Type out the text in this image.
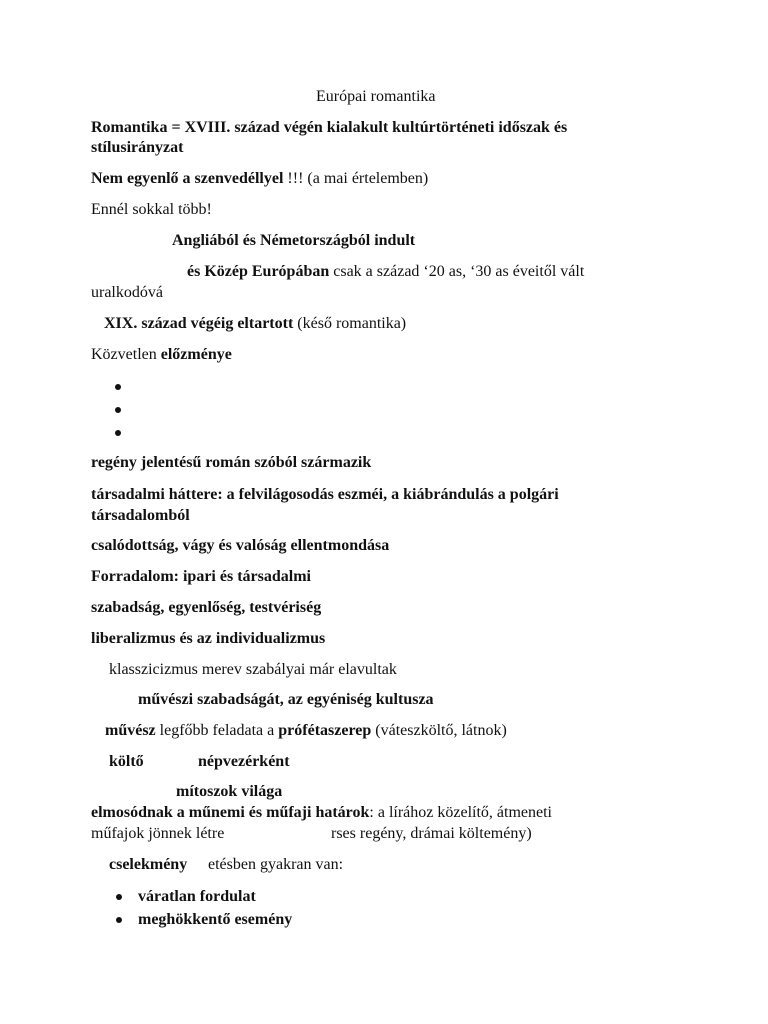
Európai romantika
Romantika = XVIII. század végén kialakult kultúrtörténeti időszak és
stílusirányzat
Nem egyenlő a szenvedéllyel !!! (a mai értelemben)
Ennél sokkal több!
Angliából és Németországból indult
és Közép Európában csak a század ‘20 as, ‘30 as éveitől vált
uralkodóvá
XIX. század végéig eltartott (késő romantika)
Közvetlen előzménye
regény jelentésű román szóból származik
társadalmi háttere: a felvilágosodás eszméi, a kiábrándulás a polgári
társadalomból
csalódottság, vágy és valóság ellentmondása
Forradalom: ipari és társadalmi
szabadság, egyenlőség, testvériség
liberalizmus és az individualizmus
klasszicizmus merev szabályai már elavultak
művészi szabadságát, az egyéniség kultusza
művész legfőbb feladata a prófétaszerep (váteszköltő, látnok)
költő	népvezérként
mítoszok világa
elmosódnak a műnemi és műfaji határok: a lírához közelítő, átmeneti
műfajok jönnek létre	rses regény, drámai költemény)
cselekmény etésben gyakran van:
váratlan fordulat
meghökkentő esemény
